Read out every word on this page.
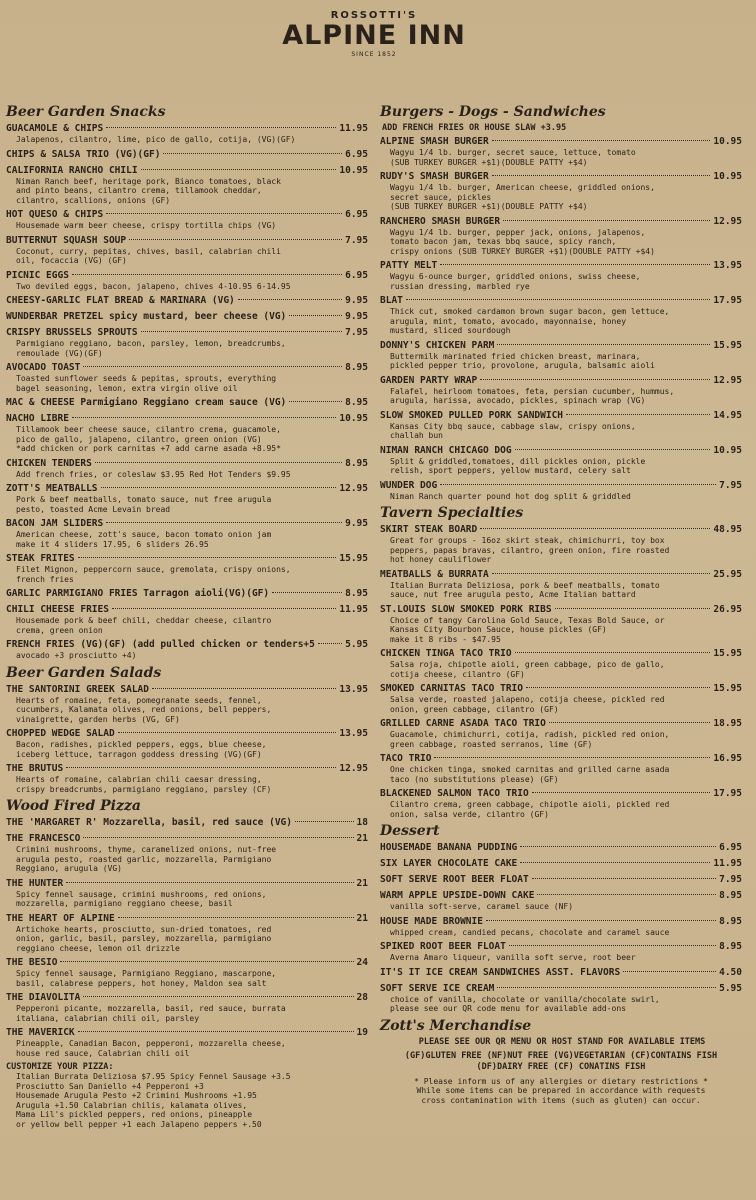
ROSSOTTI'S
ALPINE INN
SINCE 1852
Beer Garden Snacks
GUACAMOLE & CHIPS	11.95
Jalapenos, cilantro, lime, pico de gallo, cotija, (VG)(GF)
CHIPS & SALSA TRIO (VG)(GF)	6.95
CALIFORNIA RANCHO CHILI	10.95
Niman Ranch beef, heritage pork, Bianco tomatoes, black
and pinto beans, cilantro crema, tillamook cheddar,
cilantro, scallions, onions (GF)
HOT QUESO & CHIPS	6.95
Housemade warm beer cheese, crispy tortilla chips (VG)
BUTTERNUT SQUASH SOUP	7.95
Coconut, curry, pepitas, chives, basil, calabrian chili
oil, focaccia (VG) (GF)
PICNIC EGGS	6.95
Two deviled eggs, bacon, jalapeno, chives 4-10.95 6-14.95
CHEESY-GARLIC FLAT BREAD & MARINARA (VG)	9.95
WUNDERBAR PRETZEL spicy mustard, beer cheese (VG)	9.95
CRISPY BRUSSELS SPROUTS	7.95
Parmigiano reggiano, bacon, parsley, lemon, breadcrumbs,
remoulade (VG)(GF)
AVOCADO TOAST	8.95
Toasted sunflower seeds & pepitas, sprouts, everything
bagel seasoning, lemon, extra virgin olive oil
MAC & CHEESE Parmigiano Reggiano cream sauce (VG)	8.95
NACHO LIBRE	10.95
Tillamook beer cheese sauce, cilantro crema, guacamole,
pico de gallo, jalapeno, cilantro, green onion (VG)
*add chicken or pork carnitas +7 add carne asada +8.95*
CHICKEN TENDERS	8.95
Add french fries, or coleslaw $3.95 Red Hot Tenders $9.95
ZOTT'S MEATBALLS	12.95
Pork & beef meatballs, tomato sauce, nut free arugula
pesto, toasted Acme Levain bread
BACON JAM SLIDERS	9.95
American cheese, zott's sauce, bacon tomato onion jam
make it 4 sliders 17.95, 6 sliders 26.95
STEAK FRITES	15.95
Filet Mignon, peppercorn sauce, gremolata, crispy onions,
french fries
GARLIC PARMIGIANO FRIES Tarragon aioli(VG)(GF)	8.95
CHILI CHEESE FRIES	11.95
Housemade pork & beef chili, cheddar cheese, cilantro
crema, green onion
FRENCH FRIES (VG)(GF) (add pulled chicken or tenders+5	5.95
avocado +3 prosciutto +4)
Beer Garden Salads
THE SANTORINI GREEK SALAD	13.95
Hearts of romaine, feta, pomegranate seeds, fennel,
cucumbers, Kalamata olives, red onions, bell peppers,
vinaigrette, garden herbs (VG, GF)
CHOPPED WEDGE SALAD	13.95
Bacon, radishes, pickled peppers, eggs, blue cheese,
iceberg lettuce, tarragon goddess dressing (VG)(GF)
THE BRUTUS	12.95
Hearts of romaine, calabrian chili caesar dressing,
crispy breadcrumbs, parmigiano reggiano, parsley (CF)
Wood Fired Pizza
THE 'MARGARET R' Mozzarella, basil, red sauce (VG)	18
THE FRANCESCO	21
Crimini mushrooms, thyme, caramelized onions, nut-free
arugula pesto, roasted garlic, mozzarella, Parmigiano
Reggiano, arugula (VG)
THE HUNTER	21
Spicy fennel sausage, crimini mushrooms, red onions,
mozzarella, parmigiano reggiano cheese, basil
THE HEART OF ALPINE	21
Artichoke hearts, prosciutto, sun-dried tomatoes, red
onion, garlic, basil, parsley, mozzarella, parmigiano
reggiano cheese, lemon oil drizzle
THE BESIO	24
Spicy fennel sausage, Parmigiano Reggiano, mascarpone,
basil, calabrese peppers, hot honey, Maldon sea salt
THE DIAVOLITA	28
Pepperoni picante, mozzarella, basil, red sauce, burrata
italiana, calabrian chili oil, parsley
THE MAVERICK	19
Pineapple, Canadian Bacon, pepperoni, mozzarella cheese,
house red sauce, Calabrian chili oil
CUSTOMIZE YOUR PIZZA:
Italian Burrata Deliziosa $7.95 Spicy Fennel Sausage +3.5
Prosciutto San Daniello +4 Pepperoni +3
Housemade Arugula Pesto +2 Crimini Mushrooms +1.95
Arugula +1.50 Calabrian chilis, kalamata olives,
Mama Lil's pickled peppers, red onions, pineapple
or yellow bell pepper +1 each Jalapeno peppers +.50
Burgers - Dogs - Sandwiches
ADD FRENCH FRIES OR HOUSE SLAW +3.95
ALPINE SMASH BURGER	10.95
Wagyu 1/4 lb. burger, secret sauce, lettuce, tomato
(SUB TURKEY BURGER +$1)(DOUBLE PATTY +$4)
RUDY'S SMASH BURGER	10.95
Wagyu 1/4 lb. burger, American cheese, griddled onions,
secret sauce, pickles
(SUB TURKEY BURGER +$1)(DOUBLE PATTY +$4)
RANCHERO SMASH BURGER	12.95
Wagyu 1/4 lb. burger, pepper jack, onions, jalapenos,
tomato bacon jam, texas bbq sauce, spicy ranch,
crispy onions (SUB TURKEY BURGER +$1)(DOUBLE PATTY +$4)
PATTY MELT	13.95
Wagyu 6-ounce burger, griddled onions, swiss cheese,
russian dressing, marbled rye
BLAT	17.95
Thick cut, smoked cardamon brown sugar bacon, gem lettuce,
arugula, mint, tomato, avocado, mayonnaise, honey
mustard, sliced sourdough
DONNY'S CHICKEN PARM	15.95
Buttermilk marinated fried chicken breast, marinara,
pickled pepper trio, provolone, arugula, balsamic aioli
GARDEN PARTY WRAP	12.95
Falafel, heirloom tomatoes, feta, persian cucumber, hummus,
arugula, harissa, avocado, pickles, spinach wrap (VG)
SLOW SMOKED PULLED PORK SANDWICH	14.95
Kansas City bbq sauce, cabbage slaw, crispy onions,
challah bun
NIMAN RANCH CHICAGO DOG	10.95
Split & griddled,tomatoes, dill pickles onion, pickle
relish, sport peppers, yellow mustard, celery salt
WUNDER DOG	7.95
Niman Ranch quarter pound hot dog split & griddled
Tavern Specialties
SKIRT STEAK BOARD	48.95
Great for groups - 16oz skirt steak, chimichurri, toy box
peppers, papas bravas, cilantro, green onion, fire roasted
hot honey cauliflower
MEATBALLS & BURRATA	25.95
Italian Burrata Deliziosa, pork & beef meatballs, tomato
sauce, nut free arugula pesto, Acme Italian battard
ST.LOUIS SLOW SMOKED PORK RIBS	26.95
Choice of tangy Carolina Gold Sauce, Texas Bold Sauce, or
Kansas City Bourbon Sauce, house pickles (GF)
make it 8 ribs - $47.95
CHICKEN TINGA TACO TRIO	15.95
Salsa roja, chipotle aioli, green cabbage, pico de gallo,
cotija cheese, cilantro (GF)
SMOKED CARNITAS TACO TRIO	15.95
Salsa verde, roasted jalapeno, cotija cheese, pickled red
onion, green cabbage, cilantro (GF)
GRILLED CARNE ASADA TACO TRIO	18.95
Guacamole, chimichurri, cotija, radish, pickled red onion,
green cabbage, roasted serranos, lime (GF)
TACO TRIO	16.95
One chicken tinga, smoked carnitas and grilled carne asada
taco (no substitutions please) (GF)
BLACKENED SALMON TACO TRIO	17.95
Cilantro crema, green cabbage, chipotle aioli, pickled red
onion, salsa verde, cilantro (GF)
Dessert
HOUSEMADE BANANA PUDDING	6.95
SIX LAYER CHOCOLATE CAKE	11.95
SOFT SERVE ROOT BEER FLOAT	7.95
WARM APPLE UPSIDE-DOWN CAKE	8.95
vanilla soft-serve, caramel sauce (NF)
HOUSE MADE BROWNIE	8.95
whipped cream, candied pecans, chocolate and caramel sauce
SPIKED ROOT BEER FLOAT	8.95
Averna Amaro liqueur, vanilla soft serve, root beer
IT'S IT ICE CREAM SANDWICHES ASST. FLAVORS	4.50
SOFT SERVE ICE CREAM	5.95
choice of vanilla, chocolate or vanilla/chocolate swirl,
please see our QR code menu for available add-ons
Zott's Merchandise
PLEASE SEE OUR QR MENU OR HOST STAND FOR AVAILABLE ITEMS
(GF)GLUTEN FREE (NF)NUT FREE (VG)VEGETARIAN (CF)CONTAINS FISH
(DF)DAIRY FREE (CF) CONATINS FISH
* Please inform us of any allergies or dietary restrictions *
While some items can be prepared in accordance with requests
cross contamination with items (such as gluten) can occur.
